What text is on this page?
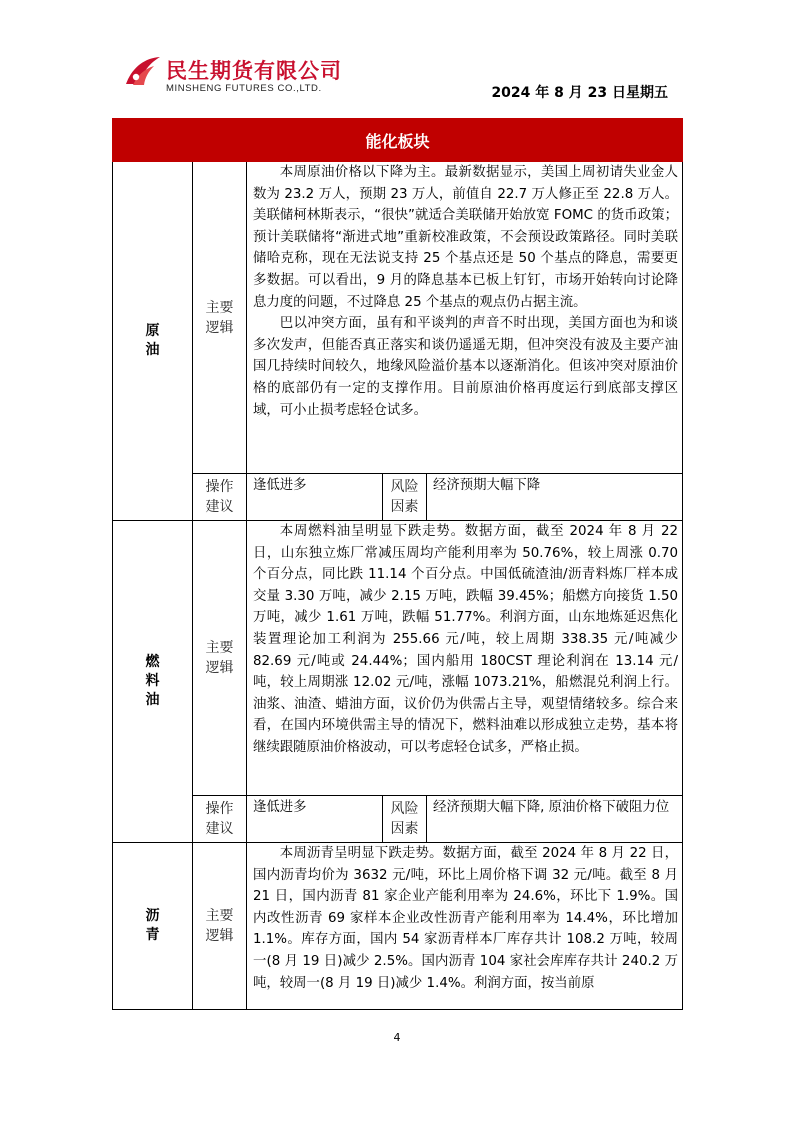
民生期货有限公司
MINSHENG FUTURES CO.,LTD.	2024 年 8 月 23 日星期五
能化板块				
原油	主要逻辑	本周原油价格以下降为主。最新数据显示，美国上周初请失业金人数为 23.2 万人，预期 23 万人，前值自 22.7 万人修正至 22.8 万人。美联储柯林斯表示，“很快”就适合美联储开始放宽 FOMC 的货币政策；预计美联储将“渐进式地”重新校准政策，不会预设政策路径。同时美联储哈克称，现在无法说支持 25 个基点还是 50 个基点的降息，需要更多数据。可以看出，9 月的降息基本已板上钉钉，市场开始转向讨论降息力度的问题，不过降息 25 个基点的观点仍占据主流。

巴以冲突方面，虽有和平谈判的声音不时出现，美国方面也为和谈多次发声，但能否真正落实和谈仍遥遥无期，但冲突没有波及主要产油国几持续时间较久，地缘风险溢价基本以逐渐消化。但该冲突对原油价格的底部仍有一定的支撑作用。目前原油价格再度运行到底部支撑区域，可小止损考虑轻仓试多。		

	操作建议	逢低进多	风险因素	经济预期大幅下降
燃料油	主要逻辑	本周燃料油呈明显下跌走势。数据方面，截至 2024 年 8 月 22 日，山东独立炼厂常减压周均产能利用率为 50.76%，较上周涨 0.70 个百分点，同比跌 11.14 个百分点。中国低硫渣油/沥青料炼厂样本成交量 3.30 万吨，减少 2.15 万吨，跌幅 39.45%；船燃方向接货 1.50 万吨，减少 1.61 万吨，跌幅 51.77%。利润方面，山东地炼延迟焦化装置理论加工利润为 255.66 元/吨，较上周期 338.35 元/吨减少 82.69 元/吨或 24.44%；国内船用 180CST 理论利润在 13.14 元/吨，较上周期涨 12.02 元/吨，涨幅 1073.21%，船燃混兑利润上行。油浆、油渣、蜡油方面，议价仍为供需占主导，观望情绪较多。综合来看，在国内环境供需主导的情况下，燃料油难以形成独立走势，基本将继续跟随原油价格波动，可以考虑轻仓试多，严格止损。		

	操作建议	逢低进多	风险因素	经济预期大幅下降, 原油价格下破阻力位
沥青	主要逻辑	本周沥青呈明显下跌走势。数据方面，截至 2024 年 8 月 22 日，国内沥青均价为 3632 元/吨，环比上周价格下调 32 元/吨。截至 8 月 21 日，国内沥青 81 家企业产能利用率为 24.6%，环比下 1.9%。国内改性沥青 69 家样本企业改性沥青产能利用率为 14.4%，环比增加 1.1%。库存方面，国内 54 家沥青样本厂库存共计 108.2 万吨，较周一(8 月 19 日)减少 2.5%。国内沥青 104 家社会库库存共计 240.2 万吨，较周一(8 月 19 日)减少 1.4%。利润方面，按当前原		

4
